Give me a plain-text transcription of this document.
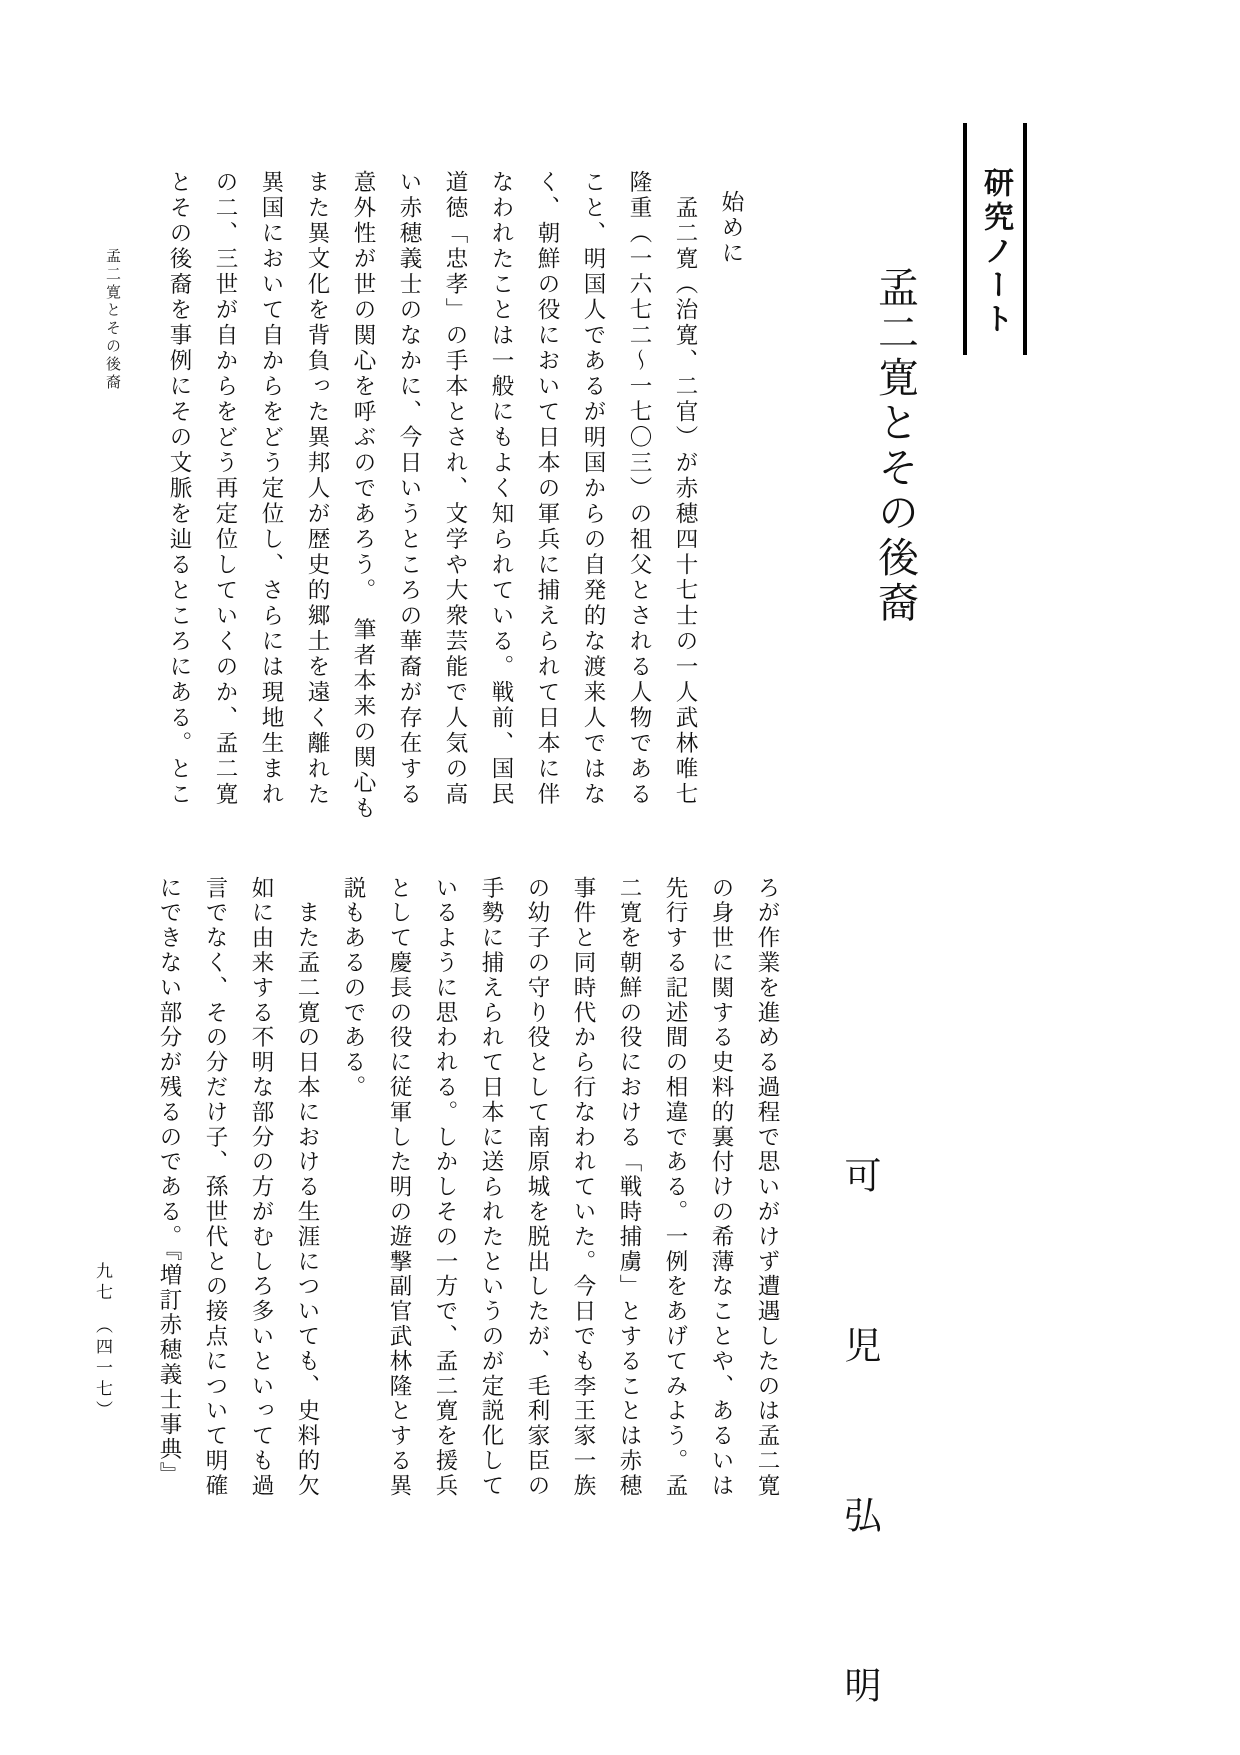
研究ノート
孟二寛とその後裔
可　児　弘　明
始めに
　孟二寛（治寛、二官）が赤穂四十七士の一人武林唯七
隆重（一六七二～一七〇三）の祖父とされる人物である
こと、明国人であるが明国からの自発的な渡来人ではな
く、朝鮮の役において日本の軍兵に捕えられて日本に伴
なわれたことは一般にもよく知られている。戦前、国民
道徳「忠孝」の手本とされ、文学や大衆芸能で人気の高
い赤穂義士のなかに、今日いうところの華裔が存在する
意外性が世の関心を呼ぶのであろう。　筆者本来の関心も
また異文化を背負った異邦人が歴史的郷土を遠く離れた
異国において自からをどう定位し、さらには現地生まれ
の二、三世が自からをどう再定位していくのか、孟二寛
とその後裔を事例にその文脈を辿るところにある。とこ
ろが作業を進める過程で思いがけず遭遇したのは孟二寛
の身世に関する史料的裏付けの希薄なことや、あるいは
先行する記述間の相違である。一例をあげてみよう。孟
二寛を朝鮮の役における「戦時捕虜」とすることは赤穂
事件と同時代から行なわれていた。今日でも李王家一族
の幼子の守り役として南原城を脱出したが、毛利家臣の
手勢に捕えられて日本に送られたというのが定説化して
いるように思われる。しかしその一方で、孟二寛を援兵
として慶長の役に従軍した明の遊撃副官武林隆とする異
説もあるのである。
　また孟二寛の日本における生涯についても、史料的欠
如に由来する不明な部分の方がむしろ多いといっても過
言でなく、その分だけ子、孫世代との接点について明確
にできない部分が残るのである。『増訂赤穂義士事典』
孟二寛とその後裔
九七　（四一七）
